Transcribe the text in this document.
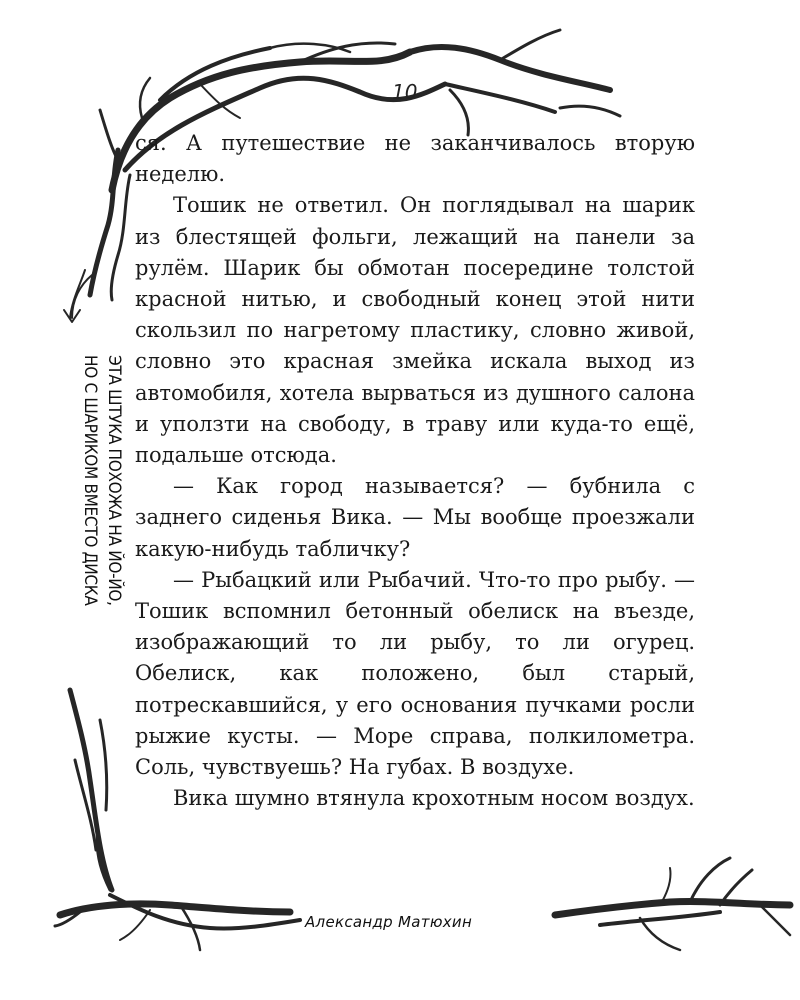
10

ся. А путешествие не заканчивалось вторую неделю.

Тошик не ответил. Он поглядывал на шарик из блестящей фольги, лежащий на панели за рулём. Шарик бы обмотан посередине толстой красной нитью, и свободный конец этой нити скользил по нагретому пластику, словно живой, словно это красная змейка искала выход из автомобиля, хотела вырваться из душного салона и уползти на свободу, в траву или куда-то ещё, подальше отсюда.

— Как город называется? — бубнила с заднего сиденья Вика. — Мы вообще проезжали какую-нибудь табличку?

— Рыбацкий или Рыбачий. Что-то про рыбу. — Тошик вспомнил бетонный обелиск на въезде, изображающий то ли рыбу, то ли огурец. Обелиск, как положено, был старый, потрескавшийся, у его основания пучками росли рыжие кусты. — Море справа, полкилометра. Соль, чувствуешь? На губах. В воздухе.

Вика шумно втянула крохотным носом воздух.

ЭТА ШТУКА ПОХОЖА НА ЙО-ЙО,
НО С ШАРИКОМ ВМЕСТО ДИСКА
Александр Матюхин
